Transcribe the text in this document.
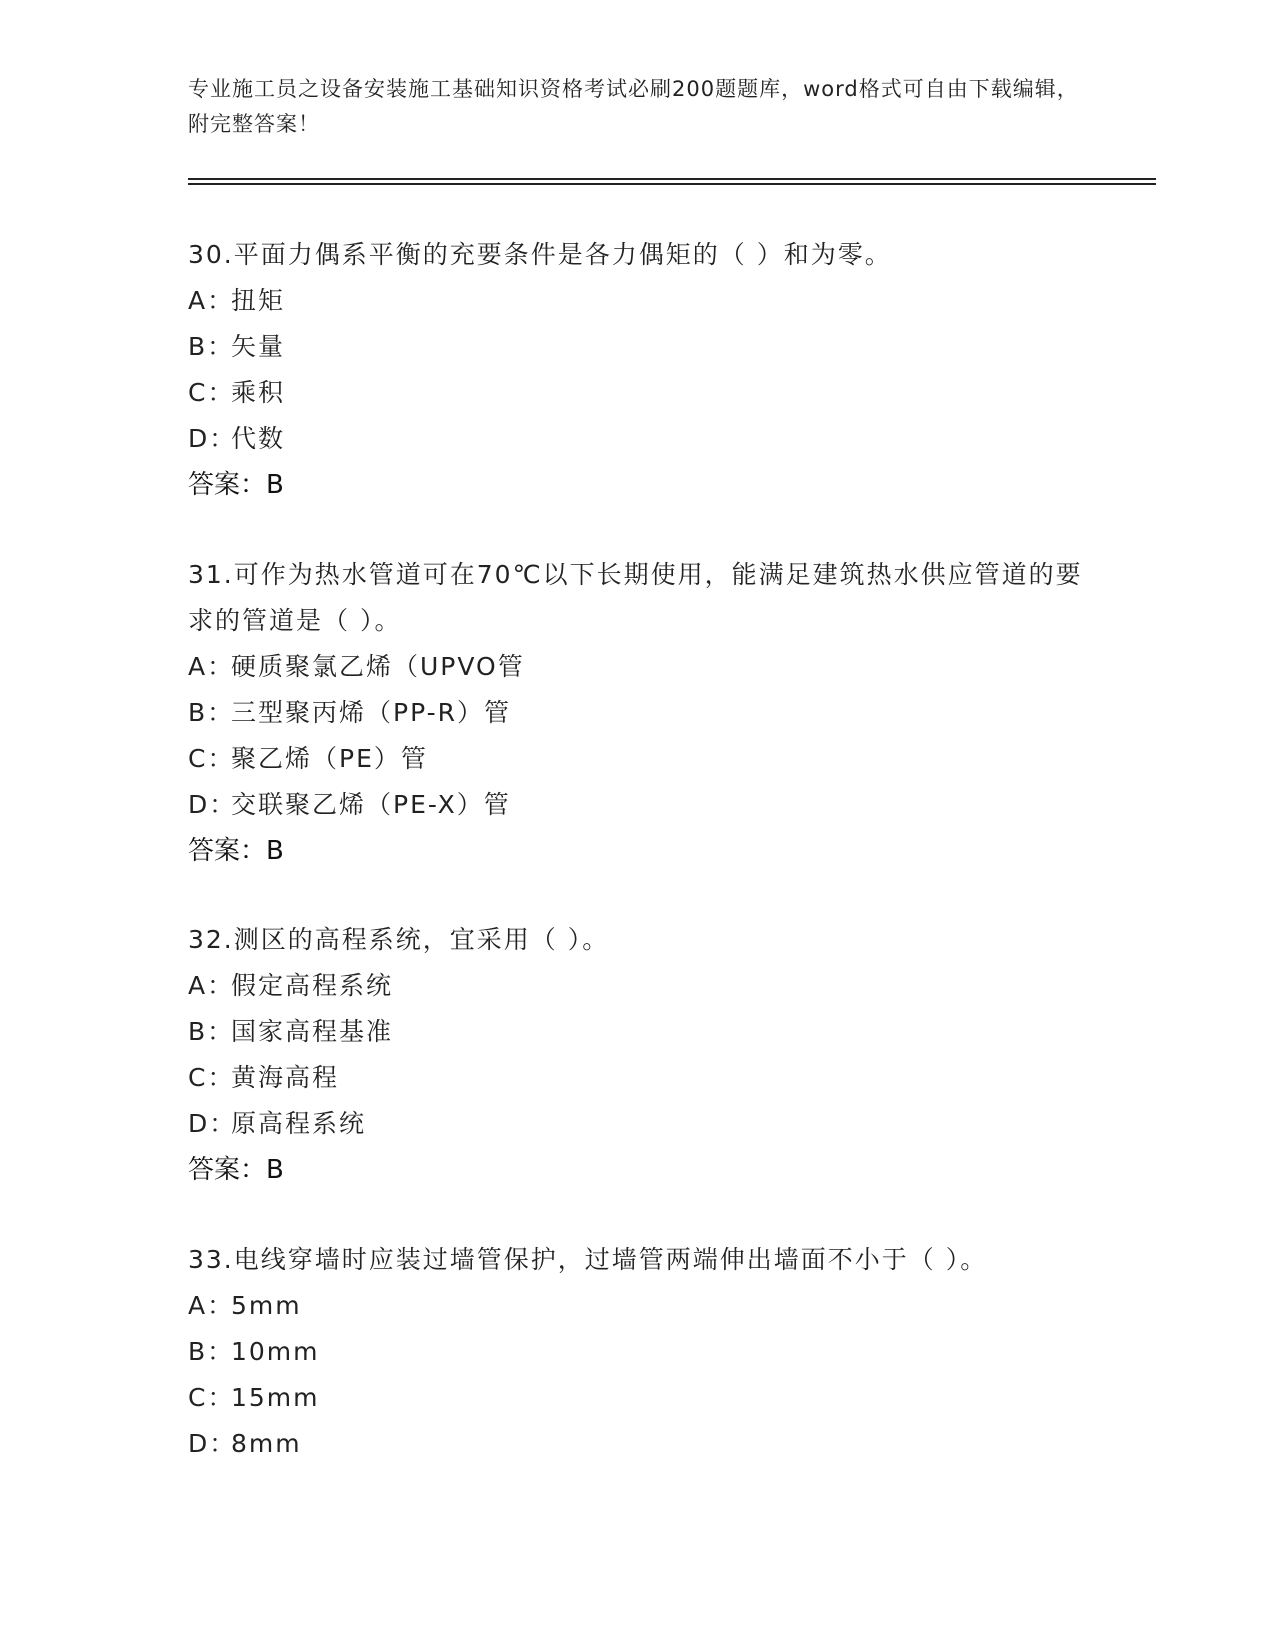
专业施工员之设备安装施工基础知识资格考试必刷200题题库，word格式可自由下载编辑，附完整答案！

30.平面力偶系平衡的充要条件是各力偶矩的（ ）和为零。

A：扭矩
B：矢量
C：乘积
D：代数
答案：B

31.可作为热水管道可在70℃以下长期使用，能满足建筑热水供应管道的要求的管道是（ ）。

A：硬质聚氯乙烯（UPVO管
B：三型聚丙烯（PP-R）管
C：聚乙烯（PE）管
D：交联聚乙烯（PE-X）管
答案：B

32.测区的高程系统，宜采用（ ）。

A：假定高程系统
B：国家高程基准
C：黄海高程
D：原高程系统
答案：B

33.电线穿墙时应装过墙管保护，过墙管两端伸出墙面不小于（ ）。

A：5mm
B：10mm
C：15mm
D：8mm
